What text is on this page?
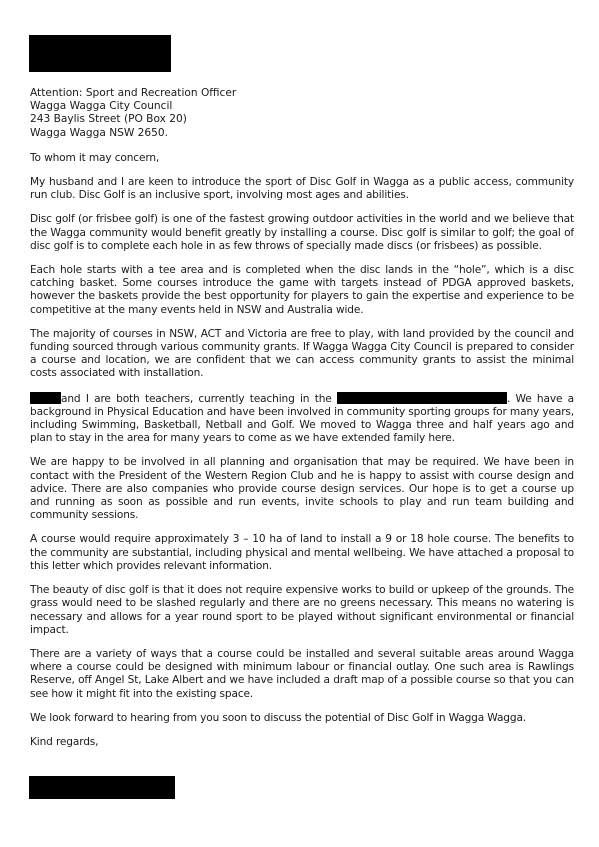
Attention: Sport and Recreation Officer
Wagga Wagga City Council
243 Baylis Street (PO Box 20)
Wagga Wagga NSW 2650.

To whom it may concern,

My husband and I are keen to introduce the sport of Disc Golf in Wagga as a public access, community run club. Disc Golf is an inclusive sport, involving most ages and abilities.

Disc golf (or frisbee golf) is one of the fastest growing outdoor activities in the world and we believe that the Wagga community would benefit greatly by installing a course. Disc golf is similar to golf; the goal of disc golf is to complete each hole in as few throws of specially made discs (or frisbees) as possible.

Each hole starts with a tee area and is completed when the disc lands in the “hole”, which is a disc catching basket. Some courses introduce the game with targets instead of PDGA approved baskets, however the baskets provide the best opportunity for players to gain the expertise and experience to be competitive at the many events held in NSW and Australia wide.

The majority of courses in NSW, ACT and Victoria are free to play, with land provided by the council and funding sourced through various community grants. If Wagga Wagga City Council is prepared to consider a course and location, we are confident that we can access community grants to assist the minimal costs associated with installation.

and I are both teachers, currently teaching in the	. We have a background in Physical Education and have been involved in community sporting groups for many years, including Swimming, Basketball, Netball and Golf. We moved to Wagga three and half years ago and plan to stay in the area for many years to come as we have extended family here.

We are happy to be involved in all planning and organisation that may be required. We have been in contact with the President of the Western Region Club and he is happy to assist with course design and advice. There are also companies who provide course design services. Our hope is to get a course up and running as soon as possible and run events, invite schools to play and run team building and community sessions.

A course would require approximately 3 – 10 ha of land to install a 9 or 18 hole course. The benefits to the community are substantial, including physical and mental wellbeing. We have attached a proposal to this letter which provides relevant information.

The beauty of disc golf is that it does not require expensive works to build or upkeep of the grounds. The grass would need to be slashed regularly and there are no greens necessary. This means no watering is necessary and allows for a year round sport to be played without significant environmental or financial impact.

There are a variety of ways that a course could be installed and several suitable areas around Wagga where a course could be designed with minimum labour or financial outlay. One such area is Rawlings Reserve, off Angel St, Lake Albert and we have included a draft map of a possible course so that you can see how it might fit into the existing space.

We look forward to hearing from you soon to discuss the potential of Disc Golf in Wagga Wagga.

Kind regards,
